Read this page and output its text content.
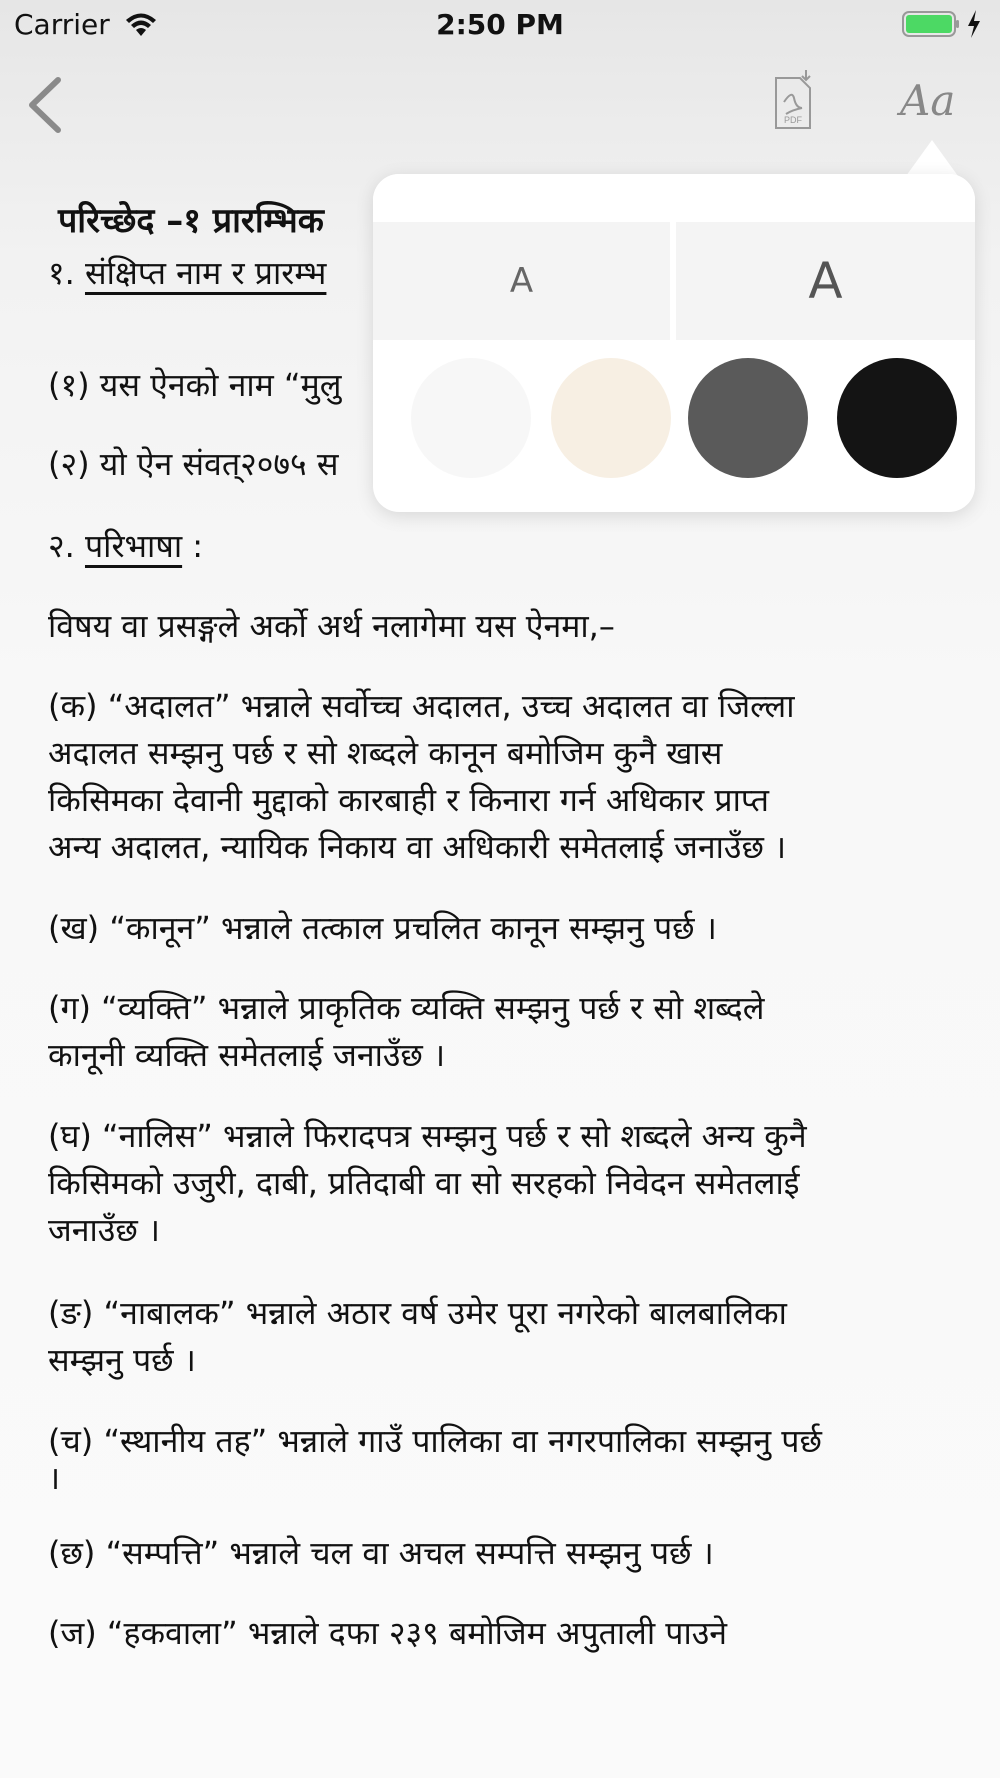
Carrier	2:50 PM
PDF Aa
परिच्छेद –१ प्रारम्भिक
१. संक्षिप्त नाम र प्रारम्भ
(१) यस ऐनको नाम “मुलु
(२) यो ऐन संवत्२०७५ स
२. परिभाषा :
विषय वा प्रसङ्गले अर्को अर्थ नलागेमा यस ऐनमा,–
(क) “अदालत” भन्नाले सर्वोच्च अदालत, उच्च अदालत वा जिल्ला
अदालत सम्झनु पर्छ र सो शब्दले कानून बमोजिम कुनै खास
किसिमका देवानी मुद्दाको कारबाही र किनारा गर्न अधिकार प्राप्त
अन्य अदालत, न्यायिक निकाय वा अधिकारी समेतलाई जनाउँछ ।
(ख) “कानून” भन्नाले तत्काल प्रचलित कानून सम्झनु पर्छ ।
(ग) “व्यक्ति” भन्नाले प्राकृतिक व्यक्ति सम्झनु पर्छ र सो शब्दले
कानूनी व्यक्ति समेतलाई जनाउँछ ।
(घ) “नालिस” भन्नाले फिरादपत्र सम्झनु पर्छ र सो शब्दले अन्य कुनै
किसिमको उजुरी, दाबी, प्रतिदाबी वा सो सरहको निवेदन समेतलाई
जनाउँछ ।
(ङ) “नाबालक” भन्नाले अठार वर्ष उमेर पूरा नगरेको बालबालिका
सम्झनु पर्छ ।
(च) “स्थानीय तह” भन्नाले गाउँ पालिका वा नगरपालिका सम्झनु पर्छ
।
(छ) “सम्पत्ति” भन्नाले चल वा अचल सम्पत्ति सम्झनु पर्छ ।
(ज) “हकवाला” भन्नाले दफा २३९ बमोजिम अपुताली पाउने
A	A
